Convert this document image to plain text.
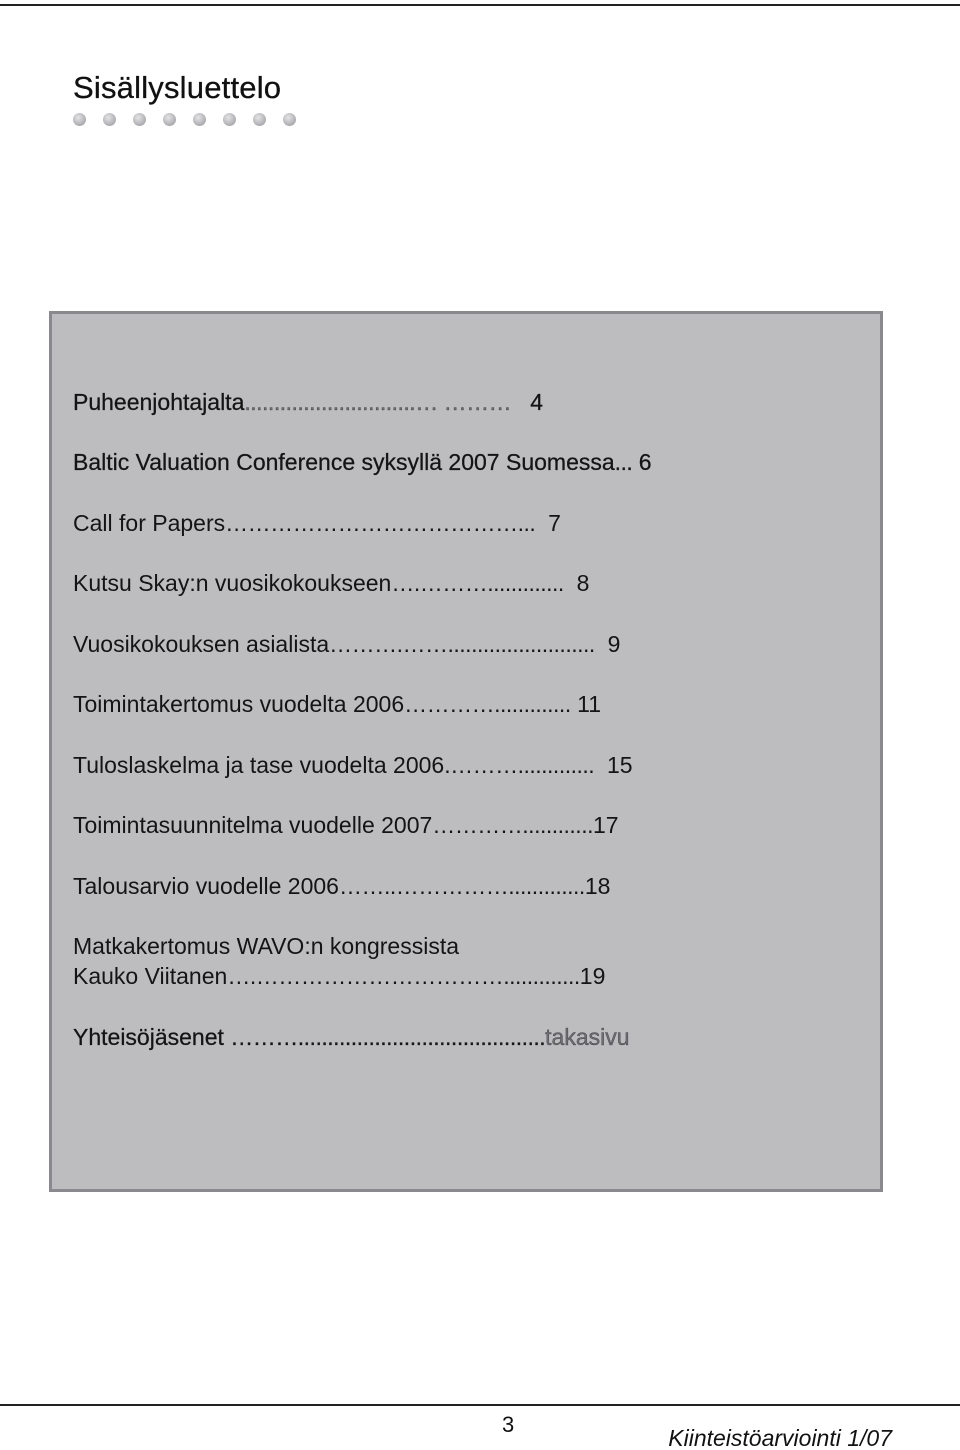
Sisällysluettelo
Puheenjohtajalta.............................… ……… 4
Baltic Valuation Conference syksyllä 2007 Suomessa... 6
Call for Papers…………………………………... 7
Kutsu Skay:n vuosikokoukseen….………............. 8
Vuosikokouksen asialista……….……......................... 9
Toimintakertomus vuodelta 2006…………............. 11
Tuloslaskelma ja tase vuodelta 2006.………............. 15
Toimintasuunnitelma vuodelle 2007…………............17
Talousarvio vuodelle 2006……..…………….............18
Matkakertomus WAVO:n kongressista
Kauko Viitanen….…………………………….............19
Yhteisöjäsenet ………..........................................takasivu
3
Kiinteistöarviointi 1/07
